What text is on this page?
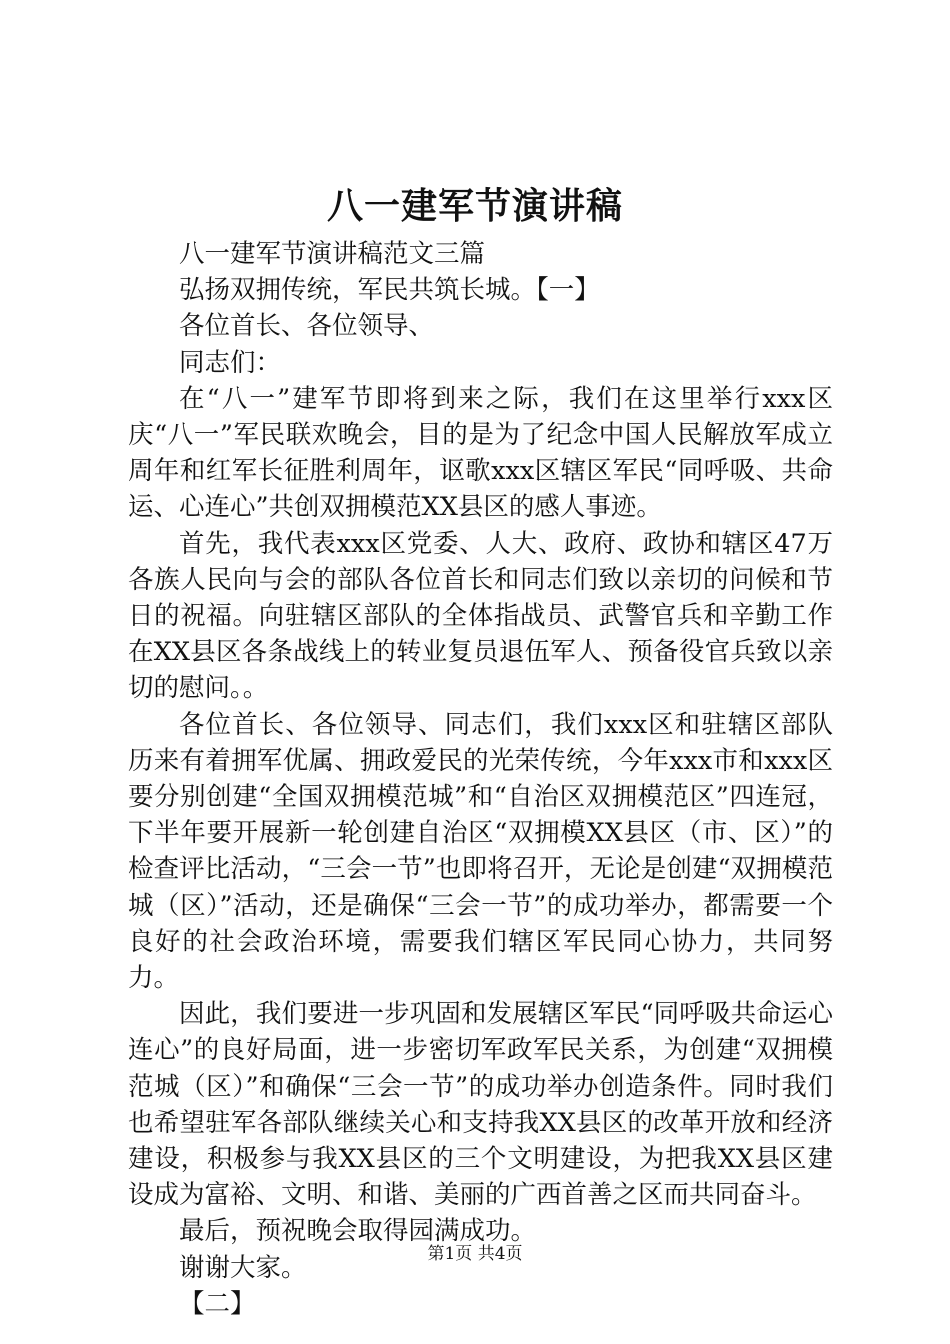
八一建军节演讲稿

八一建军节演讲稿范文三篇

弘扬双拥传统，军民共筑长城。【一】

各位首长、各位领导、

同志们：

在“八一”建军节即将到来之际，我们在这里举行xxx区庆“八一”军民联欢晚会，目的是为了纪念中国人民解放军成立周年和红军长征胜利周年，讴歌xxx区辖区军民“同呼吸、共命运、心连心”共创双拥模范XX县区的感人事迹。

首先，我代表xxx区党委、人大、政府、政协和辖区47万各族人民向与会的部队各位首长和同志们致以亲切的问候和节日的祝福。向驻辖区部队的全体指战员、武警官兵和辛勤工作在XX县区各条战线上的转业复员退伍军人、预备役官兵致以亲切的慰问。。

各位首长、各位领导、同志们，我们xxx区和驻辖区部队历来有着拥军优属、拥政爱民的光荣传统，今年xxx市和xxx区要分别创建“全国双拥模范城”和“自治区双拥模范区”四连冠，下半年要开展新一轮创建自治区“双拥模XX县区（市、区）”的检查评比活动，“三会一节”也即将召开，无论是创建“双拥模范城（区）”活动，还是确保“三会一节”的成功举办，都需要一个良好的社会政治环境，需要我们辖区军民同心协力，共同努力。

因此，我们要进一步巩固和发展辖区军民“同呼吸共命运心连心”的良好局面，进一步密切军政军民关系，为创建“双拥模范城（区）”和确保“三会一节”的成功举办创造条件。同时我们也希望驻军各部队继续关心和支持我XX县区的改革开放和经济建设，积极参与我XX县区的三个文明建设，为把我XX县区建设成为富裕、文明、和谐、美丽的广西首善之区而共同奋斗。

最后，预祝晚会取得园满成功。

谢谢大家。

【二】

第1页 共4页
